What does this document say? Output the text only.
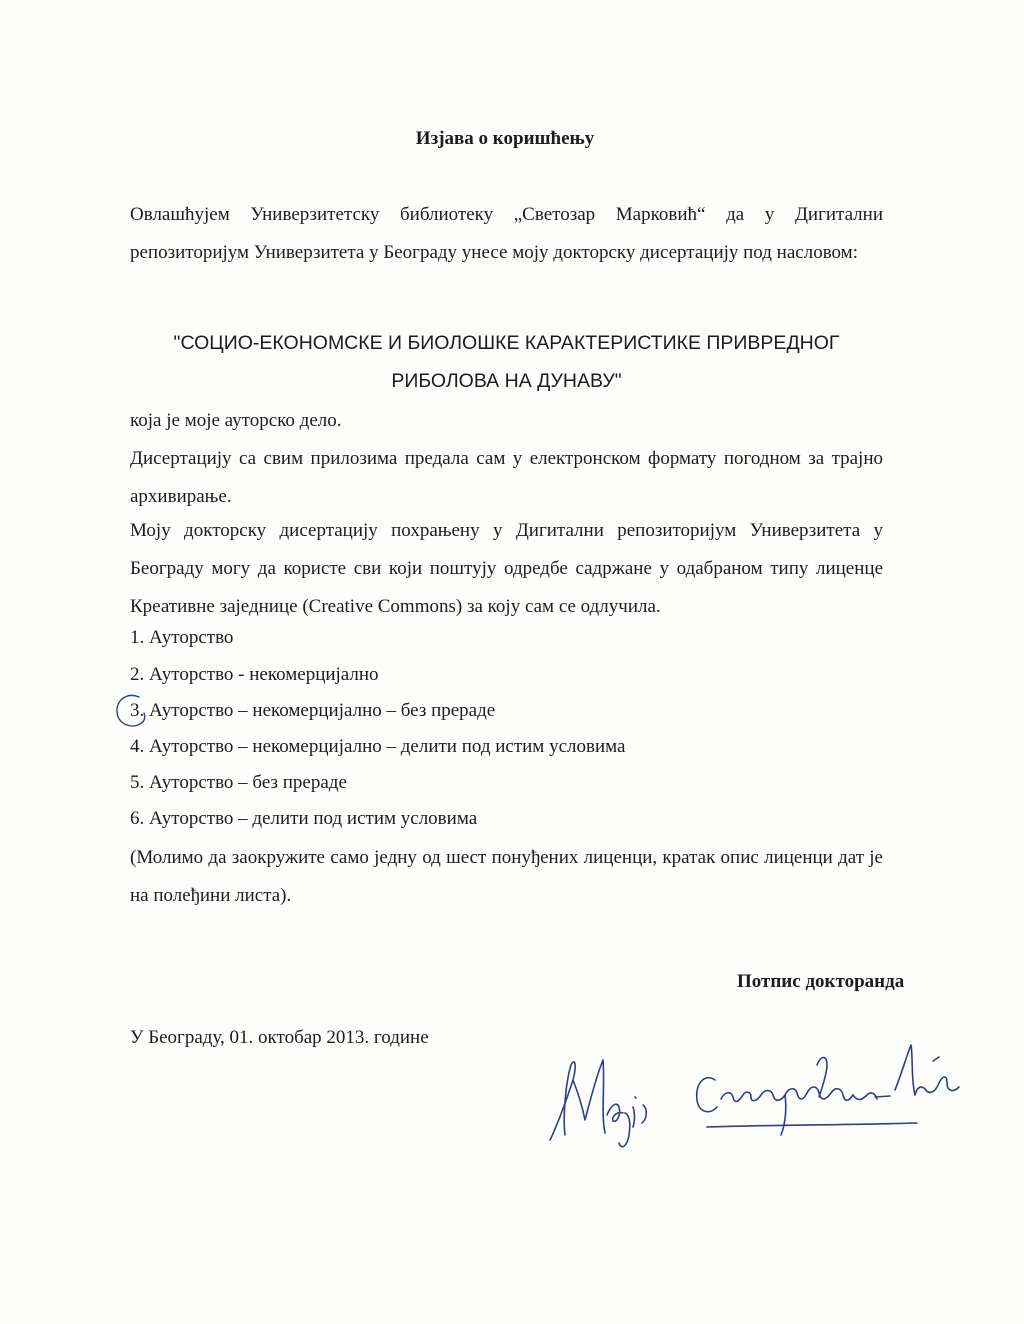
Изјава о коришћењу
Овлашћујем Универзитетску библиотеку „Светозар Марковић“ да у Дигитални репозиторијум Универзитета у Београду унесе моју докторску дисертацију под насловом:
"СОЦИО-ЕКОНОМСКЕ И БИОЛОШКЕ КАРАКТЕРИСТИКЕ ПРИВРЕДНОГ
РИБОЛОВА НА ДУНАВУ"
која је моје ауторско дело.
Дисертацију са свим прилозима предала сам у електронском формату погодном за трајно архивирање.
Моју докторску дисертацију похрањену у Дигитални репозиторијум Универзитета у Београду могу да користе сви који поштују одредбе садржане у одабраном типу лиценце Креативне заједнице (Creative Commons) за коју сам се одлучила.
1. Ауторство
2. Ауторство - некомерцијално
3. Ауторство – некомерцијално – без прераде
4. Ауторство – некомерцијално – делити под истим условима
5. Ауторство – без прераде
6. Ауторство – делити под истим условима
(Молимо да заокружите само једну од шест понуђених лиценци, кратак опис лиценци дат је на полеђини листа).
Потпис докторанда
У Београду, 01. октобар 2013. године
